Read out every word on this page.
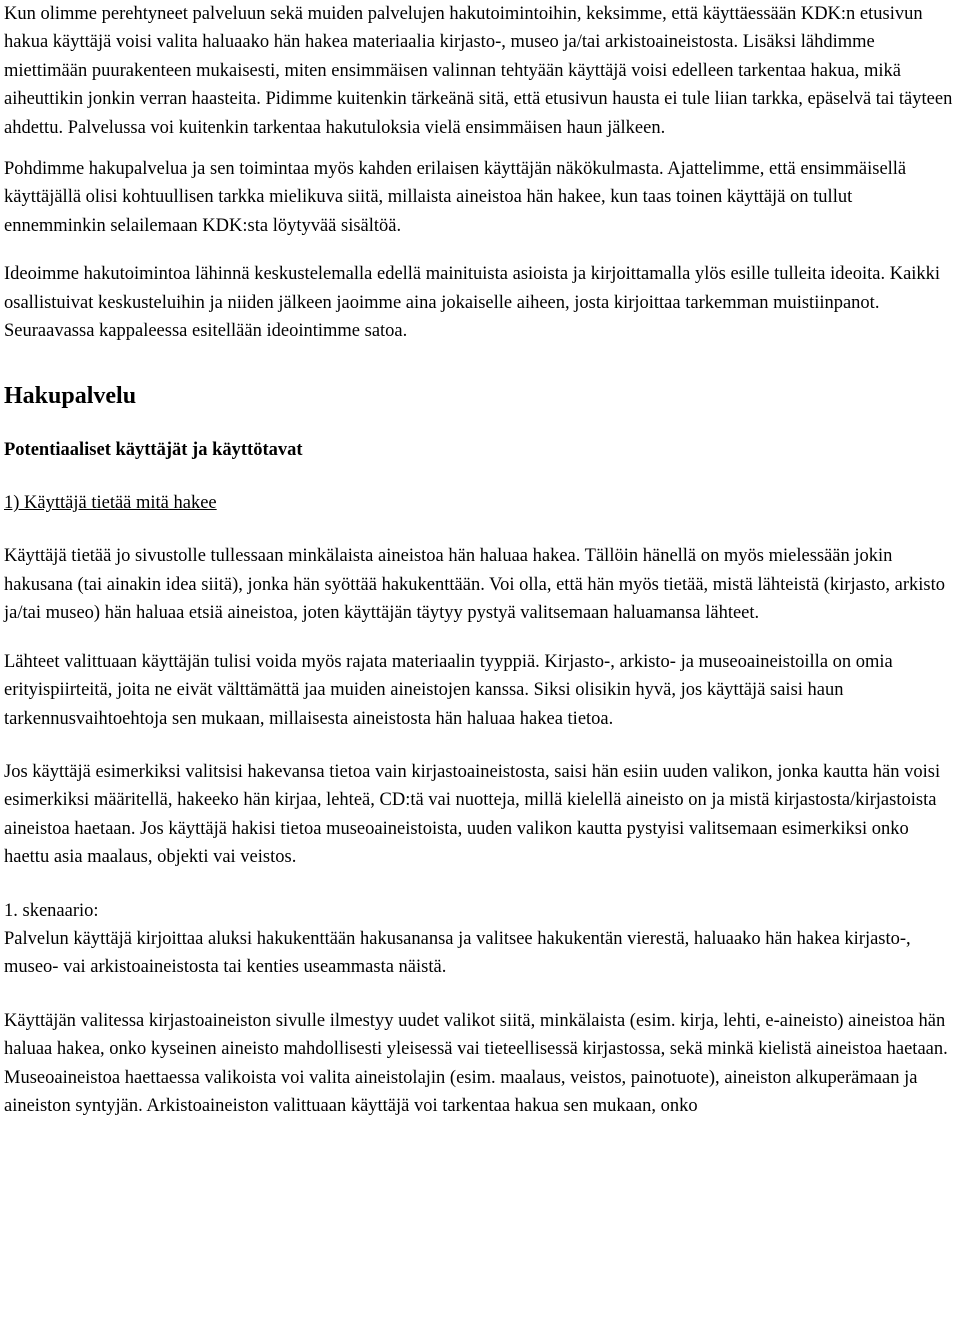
Kun olimme perehtyneet palveluun sekä muiden palvelujen hakutoimintoihin, keksimme, että käyttäessään KDK:n etusivun hakua käyttäjä voisi valita haluaako hän hakea materiaalia kirjasto-, museo ja/tai arkistoaineistosta. Lisäksi lähdimme miettimään puurakenteen mukaisesti, miten ensimmäisen valinnan tehtyään käyttäjä voisi edelleen tarkentaa hakua, mikä aiheuttikin jonkin verran haasteita. Pidimme kuitenkin tärkeänä sitä, että etusivun hausta ei tule liian tarkka, epäselvä tai täyteen ahdettu. Palvelussa voi kuitenkin tarkentaa hakutuloksia vielä ensimmäisen haun jälkeen.

Pohdimme hakupalvelua ja sen toimintaa myös kahden erilaisen käyttäjän näkökulmasta. Ajattelimme, että ensimmäisellä käyttäjällä olisi kohtuullisen tarkka mielikuva siitä, millaista aineistoa hän hakee, kun taas toinen käyttäjä on tullut ennemminkin selailemaan KDK:sta löytyvää sisältöä.

Ideoimme hakutoimintoa lähinnä keskustelemalla edellä mainituista asioista ja kirjoittamalla ylös esille tulleita ideoita. Kaikki osallistuivat keskusteluihin ja niiden jälkeen jaoimme aina jokaiselle aiheen, josta kirjoittaa tarkemman muistiinpanot. Seuraavassa kappaleessa esitellään ideointimme satoa.

Hakupalvelu
Potentiaaliset käyttäjät ja käyttötavat
1) Käyttäjä tietää mitä hakee

Käyttäjä tietää jo sivustolle tullessaan minkälaista aineistoa hän haluaa hakea. Tällöin hänellä on myös mielessään jokin hakusana (tai ainakin idea siitä), jonka hän syöttää hakukenttään. Voi olla, että hän myös tietää, mistä lähteistä (kirjasto, arkisto ja/tai museo) hän haluaa etsiä aineistoa, joten käyttäjän täytyy pystyä valitsemaan haluamansa lähteet.

Lähteet valittuaan käyttäjän tulisi voida myös rajata materiaalin tyyppiä. Kirjasto-, arkisto- ja museoaineistoilla on omia erityispiirteitä, joita ne eivät välttämättä jaa muiden aineistojen kanssa. Siksi olisikin hyvä, jos käyttäjä saisi haun tarkennusvaihtoehtoja sen mukaan, millaisesta aineistosta hän haluaa hakea tietoa.

Jos käyttäjä esimerkiksi valitsisi hakevansa tietoa vain kirjastoaineistosta, saisi hän esiin uuden valikon, jonka kautta hän voisi esimerkiksi määritellä, hakeeko hän kirjaa, lehteä, CD:tä vai nuotteja, millä kielellä aineisto on ja mistä kirjastosta/kirjastoista aineistoa haetaan. Jos käyttäjä hakisi tietoa museoaineistoista, uuden valikon kautta pystyisi valitsemaan esimerkiksi onko haettu asia maalaus, objekti vai veistos.

1. skenaario:

Palvelun käyttäjä kirjoittaa aluksi hakukenttään hakusanansa ja valitsee hakukentän vierestä, haluaako hän hakea kirjasto-, museo- vai arkistoaineistosta tai kenties useammasta näistä.

Käyttäjän valitessa kirjastoaineiston sivulle ilmestyy uudet valikot siitä, minkälaista (esim. kirja, lehti, e-aineisto) aineistoa hän haluaa hakea, onko kyseinen aineisto mahdollisesti yleisessä vai tieteellisessä kirjastossa, sekä minkä kielistä aineistoa haetaan. Museoaineistoa haettaessa valikoista voi valita aineistolajin (esim. maalaus, veistos, painotuote), aineiston alkuperämaan ja aineiston syntyjän. Arkistoaineiston valittuaan käyttäjä voi tarkentaa hakua sen mukaan, onko
